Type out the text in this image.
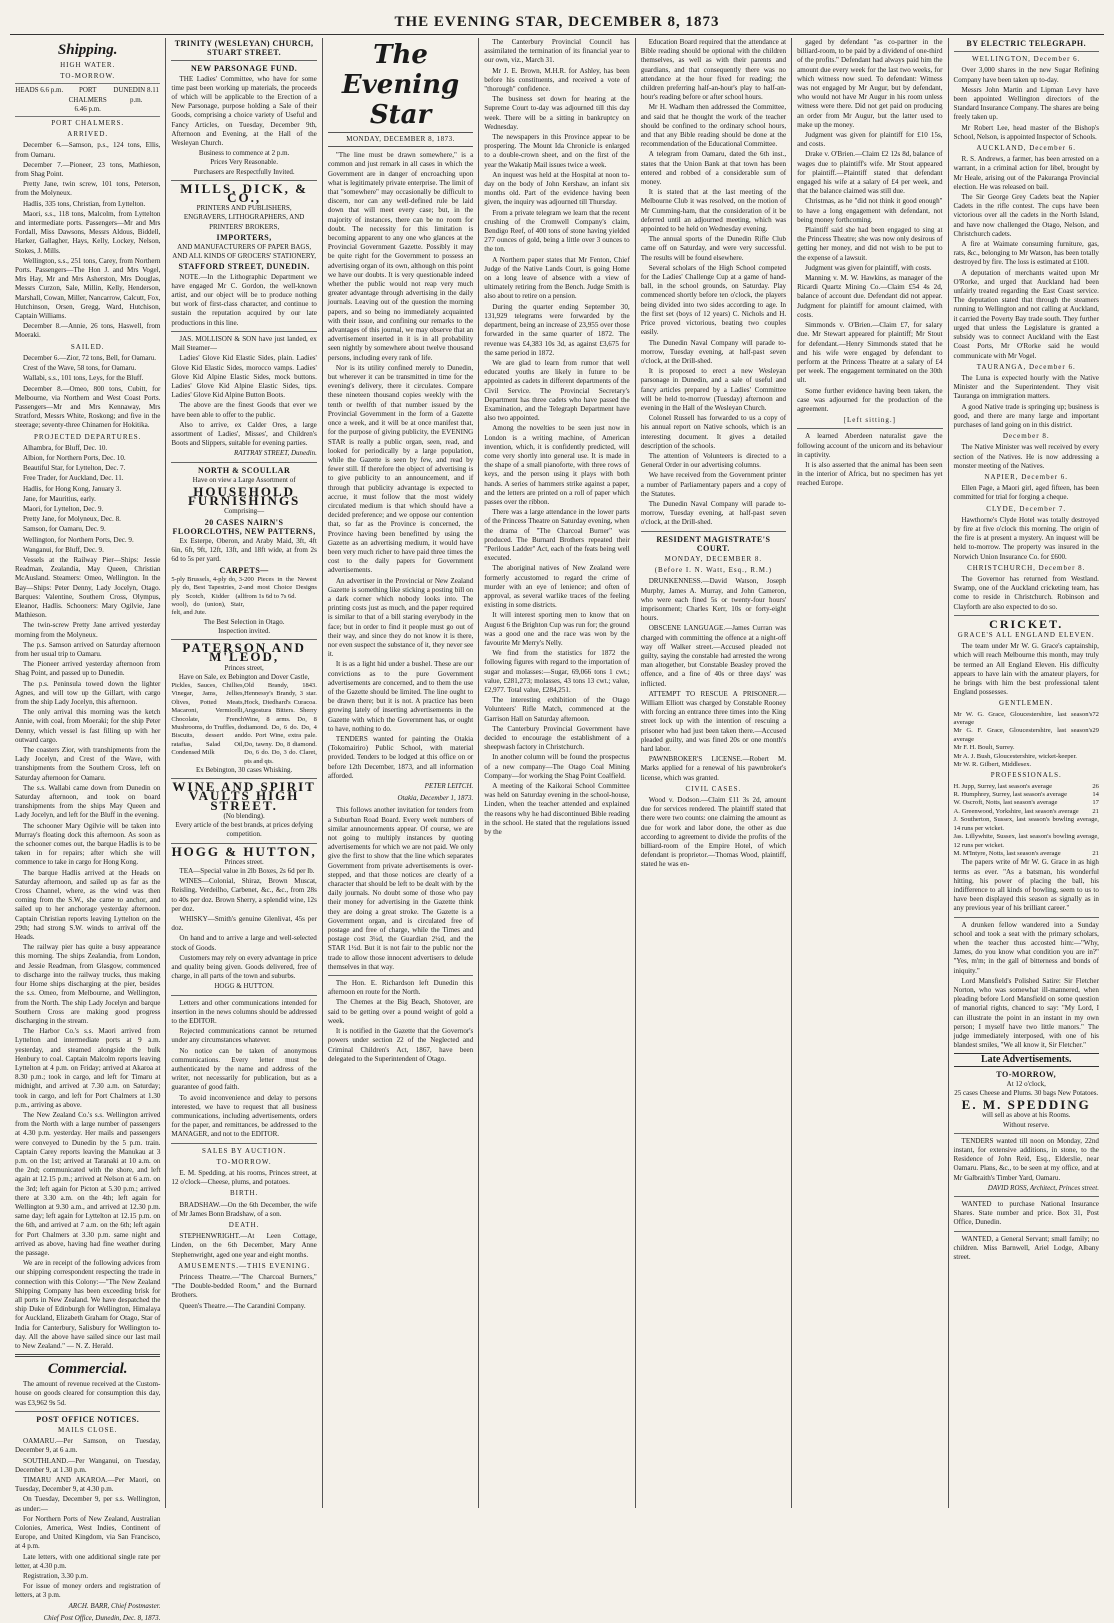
THE EVENING STAR, DECEMBER 8, 1873
Shipping.
HIGH WATER.
TO-MORROW.
HEADS 6.6 p.m.	PORT CHALMERS 6.46 p.m.
DUNEDIN 8.11 p.m.
PORT CHALMERS.
ARRIVED.

December 6.—Samson, p.s., 124 tons, Ellis, from Oamaru.

December 7.—Pioneer, 23 tons, Mathieson, from Shag Point.

Pretty Jane, twin screw, 101 tons, Peterson, from the Molyneux.

Hadlis, 335 tons, Christian, from Lyttelton.

Maori, s.s., 118 tons, Malcolm, from Lyttelton and intermediate ports. Passengers—Mr and Mrs Fordall, Miss Dawsons, Messrs Aldous, Biddell, Harker, Gallagher, Hays, Kelly, Lockey, Nelson, Stokes, J. Mills.

Wellington, s.s., 251 tons, Carey, from Northern Ports. Passengers—The Hon J. and Mrs Vogel, Mrs Hay, Mr and Mrs Asherston, Mrs Douglas, Messrs Curzon, Sale, Millin, Kelly, Henderson, Marshall, Cowan, Miller, Nancarrow, Calcutt, Fox, Hutchinson, Orsen, Gregg, Ward, Hutchison, Captain Williams.

December 8.—Annie, 26 tons, Haswell, from Moeraki.

SAILED.

December 6.—Zior, 72 tons, Bell, for Oamaru.

Crest of the Wave, 58 tons, for Oamaru.

Wallabi, s.s., 101 tons, Leys, for the Bluff.

December 8.—Omeo, 800 tons, Cubitt, for Melbourne, via Northern and West Coast Ports. Passengers—Mr and Mrs Kennaway, Mrs Stratford, Messrs White, Roskong; and five in the steerage; seventy-three Chinamen for Hokitika.

PROJECTED DEPARTURES.

Alhambra, for Bluff, Dec. 10.

Albion, for Northern Ports, Dec. 10.

Beautiful Star, for Lyttelton, Dec. 7.

Free Trader, for Auckland, Dec. 11.

Hadlis, for Hong Kong, January 3.

Jane, for Mauritius, early.

Maori, for Lyttelton, Dec. 9.

Pretty Jane, for Molyneux, Dec. 8.

Samson, for Oamaru, Dec. 9.

Wellington, for Northern Ports, Dec. 9.

Wanganui, for Bluff, Dec. 9.

Vessels at the Railway Pier—Ships: Jessie Readman, Zealandia, May Queen, Christian McAusland. Steamers: Omeo, Wellington. In the Bay—Ships: Peter Denny, Lady Jocelyn, Otago. Barques: Valentine, Southern Cross, Olympus, Eleanor, Hadlis. Schooners: Mary Ogilvie, Jane Mathieson.

The twin-screw Pretty Jane arrived yesterday morning from the Molyneux.

The p.s. Samson arrived on Saturday afternoon from her usual trip to Oamaru.

The Pioneer arrived yesterday afternoon from Shag Point, and passed up to Dunedin.

The p.s. Peninsula towed down the lighter Agnes, and will tow up the Gillart, with cargo from the ship Lady Jocelyn, this afternoon.

The only arrival this morning was the ketch Annie, with coal, from Moeraki; for the ship Peter Denny, which vessel is fast filling up with her outward cargo.

The coasters Zior, with transhipments from the Lady Jocelyn, and Crest of the Wave, with transhipments from the Southern Cross, left on Saturday afternoon for Oamaru.

The s.s. Wallabi came down from Dunedin on Saturday afternoon, and took on board transhipments from the ships May Queen and Lady Jocelyn, and left for the Bluff in the evening.

The schooner Mary Ogilvie will be taken into Murray's floating dock this afternoon. As soon as the schooner comes out, the barque Hadlis is to be taken in for repairs; after which she will commence to take in cargo for Hong Kong.

The barque Hadlis arrived at the Heads on Saturday afternoon, and sailed up as far as the Cross Channel, where, as the wind was then coming from the S.W., she came to anchor, and sailed up to her anchorage yesterday afternoon. Captain Christian reports leaving Lyttelton on the 29th; had strong S.W. winds to arrival off the Heads.

The railway pier has quite a busy appearance this morning. The ships Zealandia, from London, and Jessie Readman, from Glasgow, commenced to discharge into the railway trucks, thus making four Home ships discharging at the pier, besides the s.s. Omeo, from Melbourne, and Wellington, from the North. The ship Lady Jocelyn and barque Southern Cross are making good progress discharging in the stream.

The Harbor Co.'s s.s. Maori arrived from Lyttelton and intermediate ports at 9 a.m. yesterday, and steamed alongside the bulk Henbury to coal. Captain Malcolm reports leaving Lyttelton at 4 p.m. on Friday; arrived at Akaroa at 8.30 p.m.; took in cargo, and left for Timaru at midnight, and arrived at 7.30 a.m. on Saturday; took in cargo, and left for Port Chalmers at 1.30 p.m., arriving as above.

The New Zealand Co.'s s.s. Wellington arrived from the North with a large number of passengers at 4.30 p.m. yesterday. Her mails and passengers were conveyed to Dunedin by the 5 p.m. train. Captain Carey reports leaving the Manukau at 3 p.m. on the 1st; arrived at Taranaki at 10 a.m. on the 2nd; communicated with the shore, and left again at 12.15 p.m.; arrived at Nelson at 6 a.m. on the 3rd; left again for Picton at 5.30 p.m.; arrived there at 3.30 a.m. on the 4th; left again for Wellington at 9.30 a.m., and arrived at 12.30 p.m. same day; left again for Lyttelton at 12.15 p.m. on the 6th, and arrived at 7 a.m. on the 6th; left again for Port Chalmers at 3.30 p.m. same night and arrived as above, having had fine weather during the passage.

We are in receipt of the following advices from our shipping correspondent respecting the trade in connection with this Colony:—"The New Zealand Shipping Company has been exceeding brisk for all ports in New Zealand. We have despatched the ship Duke of Edinburgh for Wellington, Himalaya for Auckland, Elizabeth Graham for Otago, Star of India for Canterbury, Salisbury for Wellington to-day. All the above have sailed since our last mail to New Zealand." — N. Z. Herald.

Commercial.

The amount of revenue received at the Custom-house on goods cleared for consumption this day, was £3,962 9s 5d.

POST OFFICE NOTICES.
MAILS CLOSE.

OAMARU.—Per Samson, on Tuesday, December 9, at 6 a.m.

SOUTHLAND.—Per Wanganui, on Tuesday, December 9, at 1.30 p.m.

TIMARU AND AKAROA.—Per Maori, on Tuesday, December 9, at 4.30 p.m.

On Tuesday, December 9, per s.s. Wellington, as under:—

For Northern Ports of New Zealand, Australian Colonies, America, West Indies, Continent of Europe, and United Kingdom, via San Francisco, at 4 p.m.

Late letters, with one additional single rate per letter, at 4.30 p.m.

Registration, 3.30 p.m.

For issue of money orders and registration of letters, at 3 p.m.

ARCH. BARR, Chief Postmaster.
Chief Post Office, Dunedin, Dec. 8, 1873.
TRINITY (WESLEYAN) CHURCH, STUART STREET.
NEW PARSONAGE FUND.

THE Ladies' Committee, who have for some time past been working up materials, the proceeds of which will be applicable to the Erection of a New Parsonage, purpose holding a Sale of their Goods, comprising a choice variety of Useful and Fancy Articles, on Tuesday, December 9th, Afternoon and Evening, at the Hall of the Wesleyan Church.

Business to commence at 2 p.m.
Prices Very Reasonable.
Purchasers are Respectfully Invited.
MILLS, DICK, & CO.,
PRINTERS AND PUBLISHERS,
ENGRAVERS, LITHOGRAPHERS, AND PRINTERS' BROKERS,
IMPORTERS,
AND MANUFACTURERS OF PAPER BAGS, AND ALL KINDS OF GROCERS' STATIONERY,
STAFFORD STREET, DUNEDIN.

NOTE.—In the Lithographic Department we have engaged Mr C. Gordon, the well-known artist, and our object will be to produce nothing but work of first-class character, and continue to sustain the reputation acquired by our late productions in this line.

JAS. MOLLISON & SON have just landed, ex Mail Steamer—

Ladies' Glove Kid Elastic Sides, plain. Ladies' Glove Kid Elastic Sides, morocco vamps. Ladies' Glove Kid Alpine Elastic Sides, mock buttons. Ladies' Glove Kid Alpine Elastic Sides, tips. Ladies' Glove Kid Alpine Button Boots.

The above are the finest Goods that ever we have been able to offer to the public.

Also to arrive, ex Calder Ores, a large assortment of Ladies', Misses', and Children's Boots and Slippers, suitable for evening parties.

RATTRAY STREET, Dunedin.
NORTH & SCOULLAR
Have on view a Large Assortment of
HOUSEHOLD FURNISHINGS
Comprising—
20 CASES NAIRN'S FLOORCLOTHS, NEW PATTERNS,

Ex Esterpe, Oberon, and Araby Maid, 3ft, 4ft 6in, 6ft, 9ft, 12ft, 13ft, and 18ft wide, at from 2s 6d to 5s per yard.

CARPETS—
5-ply Brussels, 4-ply do, 3-ply do, Best Tapestries, 2-ply Scotch, Kidder (all wool), do (union), Stair, felt, and Jute.
200 Pieces in the Newest and most Choice Designs from 1s 6d to 7s 6d.
The Best Selection in Otago.
Inspection invited.
PATERSON AND M'LEOD,
Princes street,
Have on Sale, ex Bebington and Dover Castle,
Pickles, Sauces, Chillies, Vinegar, Jams, Jellies, Olives, Potted Meats, Macaroni, Vermicelli, Chocolate, French Mushrooms, do Truffles, do Biscuits, dessert and ratafias, Salad Oil, Condensed Milk
Old Brandy, 1843. Hennessy's Brandy, 3 star. Hock, Diedhard's Curacoa. Angostura Bitters. Sherry Wine, 8 arms. Do, 8 diamond. Do, 6 do. Do, 4 do. Port Wine, extra pale. Do, tawny. Do, 8 diamond. Do, 6 do. Do, 3 do. Claret, pts and qts.
Ex Bebington, 30 cases Whisking.
WINE AND SPIRIT VAULTS HIGH STREET.
(No blending).
Every article of the best brands, at prices defying competition.
HOGG & HUTTON,
Princes street.

TEA—Special value in 2lb Boxes, 2s 6d per lb.

WINES—Colonial, Shiraz, Brown Muscat, Reisling, Verdeilho, Carbenet, &c., &c., from 28s to 40s per doz. Brown Sherry, a splendid wine, 12s per doz.

WHISKY—Smith's genuine Glenlivat, 45s per doz.

On hand and to arrive a large and well-selected stock of Goods.

Customers may rely on every advantage in price and quality being given. Goods delivered, free of charge, in all parts of the town and suburbs.

HOGG & HUTTON.

Letters and other communications intended for insertion in the news columns should be addressed to the EDITOR.

Rejected communications cannot be returned under any circumstances whatever.

No notice can be taken of anonymous communications. Every letter must be authenticated by the name and address of the writer, not necessarily for publication, but as a guarantee of good faith.

To avoid inconvenience and delay to persons interested, we have to request that all business communications, including advertisements, orders for the paper, and remittances, be addressed to the MANAGER, and not to the EDITOR.

SALES BY AUCTION.
TO-MORROW.

E. M. Spedding, at his rooms, Princes street, at 12 o'clock—Cheese, plums, and potatoes.

BIRTH.

BRADSHAW.—On the 6th December, the wife of Mr James Bonn Bradshaw, of a son.

DEATH.

STEPHENWRIGHT.—At Leen Cottage, Linden, on the 6th December, Mary Anne Stephenwright, aged one year and eight months.

AMUSEMENTS.—THIS EVENING.

Princess Theatre.—"The Charcoal Burners," "The Double-bedded Room," and the Burnard Brothers.

Queen's Theatre.—The Carandini Company.

The Evening Star
MONDAY, DECEMBER 8, 1873.

"The line must be drawn somewhere," is a common and just remark in all cases in which the Government are in danger of encroaching upon what is legitimately private enterprise. The limit of that "somewhere" may occasionally be difficult to discern, nor can any well-defined rule be laid down that will meet every case; but, in the majority of instances, there can be no room for doubt. The necessity for this limitation is becoming apparent to any one who glances at the Provincial Government Gazette. Possibly it may be quite right for the Government to possess an advertising organ of its own, although on this point we have our doubts. It is very questionable indeed whether the public would not reap very much greater advantage through advertising in the daily journals. Leaving out of the question the morning papers, and so being no immediately acquainted with their issue, and confining our remarks to the advantages of this journal, we may observe that an advertisement inserted in it is in all probability seen nightly by somewhere about twelve thousand persons, including every rank of life.

Nor is its utility confined merely to Dunedin, but wherever it can be transmitted in time for the evening's delivery, there it circulates. Compare these nineteen thousand copies weekly with the tenth or twelfth of that number issued by the Provincial Government in the form of a Gazette once a week, and it will be at once manifest that, for the purpose of giving publicity, the EVENING STAR is really a public organ, seen, read, and looked for periodically by a large population, while the Gazette is seen by few, and read by fewer still. If therefore the object of advertising is to give publicity to an announcement, and if through that publicity advantage is expected to accrue, it must follow that the most widely circulated medium is that which should have a decided preference; and we oppose our contention that, so far as the Province is concerned, the Province having been benefitted by using the Gazette as an advertising medium, it would have been very much richer to have paid three times the cost to the daily papers for Government advertisements.

An advertiser in the Provincial or New Zealand Gazette is something like sticking a posting bill on a dark corner which nobody looks into. The printing costs just as much, and the paper required is similar to that of a bill staring everybody in the face; but in order to find it people must go out of their way, and since they do not know it is there, nor even suspect the substance of it, they never see it.

It is as a light hid under a bushel. These are our convictions as to the pure Government advertisements are concerned, and to them the use of the Gazette should be limited. The line ought to be drawn there; but it is not. A practice has been growing lately of inserting advertisements in the Gazette with which the Government has, or ought to have, nothing to do.

TENDERS wanted for painting the Otakia (Tokomairiro) Public School, with material provided. Tenders to be lodged at this office on or before 12th December, 1873, and all information afforded.

PETER LEITCH.
Otakia, December 1, 1873.

This follows another invitation for tenders from a Suburban Road Board. Every week numbers of similar announcements appear. Of course, we are not going to multiply instances by quoting advertisements for which we are not paid. We only give the first to show that the line which separates Government from private advertisements is over-stepped, and that those notices are clearly of a character that should be left to be dealt with by the daily journals. No doubt some of those who pay their money for advertising in the Gazette think they are doing a great stroke. The Gazette is a Government organ, and is circulated free of postage and free of charge, while the Times and postage cost 3¼d, the Guardian 2¼d, and the STAR 1½d. But it is not fair to the public nor the trade to allow those innocent advertisers to delude themselves in that way.

The Hon. E. Richardson left Dunedin this afternoon en route for the North.

The Chemes at the Big Beach, Shotover, are said to be getting over a pound weight of gold a week.

It is notified in the Gazette that the Governor's powers under section 22 of the Neglected and Criminal Children's Act, 1867, have been delegated to the Superintendent of Otago.

The Canterbury Provincial Council has assimilated the termination of its financial year to our own, viz., March 31.

Mr J. E. Brown, M.H.R. for Ashley, has been before his constituents, and received a vote of "thorough" confidence.

The business set down for hearing at the Supreme Court to-day was adjourned till this day week. There will be a sitting in bankruptcy on Wednesday.

The newspapers in this Province appear to be prospering. The Mount Ida Chronicle is enlarged to a double-crown sheet, and on the first of the year the Wakatip Mail issues twice a week.

An inquest was held at the Hospital at noon to-day on the body of John Kershaw, an infant six months old. Part of the evidence having been given, the inquiry was adjourned till Thursday.

From a private telegram we learn that the recent crushing of the Cromwell Company's claim, Bendigo Reef, of 400 tons of stone having yielded 277 ounces of gold, being a little over 3 ounces to the ton.

A Northern paper states that Mr Fenton, Chief Judge of the Native Lands Court, is going Home on a long leave of absence with a view of ultimately retiring from the Bench. Judge Smith is also about to retire on a pension.

During the quarter ending September 30, 131,929 telegrams were forwarded by the department, being an increase of 23,955 over those forwarded in the same quarter of 1872. The revenue was £4,383 10s 3d, as against £3,675 for the same period in 1872.

We are glad to learn from rumor that well educated youths are likely in future to be appointed as cadets in different departments of the Civil Service. The Provincial Secretary's Department has three cadets who have passed the Examination, and the Telegraph Department have also two appointed.

Among the novelties to be seen just now in London is a writing machine, of American invention, which, it is confidently predicted, will come very shortly into general use. It is made in the shape of a small pianoforte, with three rows of keys, and the person using it plays with both hands. A series of hammers strike against a paper, and the letters are printed on a roll of paper which passes over the ribbon.

There was a large attendance in the lower parts of the Princess Theatre on Saturday evening, when the drama of "The Charcoal Burner" was produced. The Burnard Brothers repeated their "Perilous Ladder" Act, each of the feats being well executed.

The aboriginal natives of New Zealand were formerly accustomed to regard the crime of murder with an eye of lenience; and often of approval, as several warlike traces of the feeling existing in some districts.

It will interest sporting men to know that on August 6 the Brighton Cup was run for; the ground was a good one and the race was won by the favourite Mr Merry's Nelly.

We find from the statistics for 1872 the following figures with regard to the importation of sugar and molasses:—Sugar, 69,066 tons 1 cwt.; value, £281,273; molasses, 43 tons 13 cwt.; value, £2,977. Total value, £284,251.

The interesting exhibition of the Otago Volunteers' Rifle Match, commenced at the Garrison Hall on Saturday afternoon.

The Canterbury Provincial Government have decided to encourage the establishment of a sheepwash factory in Christchurch.

In another column will be found the prospectus of a new company—The Otago Coal Mining Company—for working the Shag Point Coalfield.

A meeting of the Kaikorai School Committee was held on Saturday evening in the school-house, Linden, when the teacher attended and explained the reasons why he had discontinued Bible reading in the school. He stated that the regulations issued by the

Education Board required that the attendance at Bible reading should be optional with the children themselves, as well as with their parents and guardians, and that consequently there was no attendance at the hour fixed for reading; the children preferring half-an-hour's play to half-an-hour's reading before or after school hours.

Mr H. Wadham then addressed the Committee, and said that he thought the work of the teacher should be confined to the ordinary school hours, and that any Bible reading should be done at the recommendation of the Educational Committee.

A telegram from Oamaru, dated the 6th inst., states that the Union Bank at that town has been entered and robbed of a considerable sum of money.

It is stated that at the last meeting of the Melbourne Club it was resolved, on the motion of Mr Cumming-ham, that the consideration of it be deferred until an adjourned meeting, which was appointed to be held on Wednesday evening.

The annual sports of the Dunedin Rifle Club came off on Saturday, and were very successful. The results will be found elsewhere.

Several scholars of the High School competed for the Ladies' Challenge Cup at a game of hand-ball, in the school grounds, on Saturday. Play commenced shortly before ten o'clock, the players being divided into two sides according to age. In the first set (boys of 12 years) C. Nichols and H. Price proved victorious, beating two couples easily.

The Dunedin Naval Company will parade to-morrow, Tuesday evening, at half-past seven o'clock, at the Drill-shed.

It is proposed to erect a new Wesleyan parsonage in Dunedin, and a sale of useful and fancy articles prepared by a Ladies' Committee will be held to-morrow (Tuesday) afternoon and evening in the Hall of the Wesleyan Church.

Colonel Russell has forwarded to us a copy of his annual report on Native schools, which is an interesting document. It gives a detailed description of the schools.

The attention of Volunteers is directed to a General Order in our advertising columns.

We have received from the Government printer a number of Parliamentary papers and a copy of the Statutes.

The Dunedin Naval Company will parade to-morrow, Tuesday evening, at half-past seven o'clock, at the Drill-shed.

RESIDENT MAGISTRATE'S COURT.
MONDAY, DECEMBER 8.
(Before I. N. Watt, Esq., R.M.)

DRUNKENNESS.—David Watson, Joseph Murphy, James A. Murray, and John Cameron, who were each fined 5s or twenty-four hours' imprisonment; Charles Kerr, 10s or forty-eight hours.

OBSCENE LANGUAGE.—James Curran was charged with committing the offence at a night-off way off Walker street.—Accused pleaded not guilty, saying the constable had arrested the wrong man altogether, but Constable Beasley proved the offence, and a fine of 40s or three days' was inflicted.

ATTEMPT TO RESCUE A PRISONER.—William Elliott was charged by Constable Rooney with forcing an entrance three times into the King street lock up with the intention of rescuing a prisoner who had just been taken there.—Accused pleaded guilty, and was fined 20s or one month's hard labor.

PAWNBROKER'S LICENSE.—Robert M. Marks applied for a renewal of his pawnbroker's license, which was granted.

CIVIL CASES.

Wood v. Dodson.—Claim £11 3s 2d, amount due for services rendered. The plaintiff stated that there were two counts: one claiming the amount as due for work and labor done, the other as due according to agreement to divide the profits of the billiard-room of the Empire Hotel, of which defendant is proprietor.—Thomas Wood, plaintiff, stated he was en-

gaged by defendant "as co-partner in the billiard-room, to be paid by a dividend of one-third of the profits." Defendant had always paid him the amount due every week for the last two weeks, for which witness now sued. To defendant: Witness was not engaged by Mr Augur, but by defendant, who would not have Mr Augur in his room unless witness were there. Did not get paid on producing an order from Mr Augur, but the latter used to make up the money.

Judgment was given for plaintiff for £10 15s, and costs.

Drake v. O'Brien.—Claim £2 12s 8d, balance of wages due to plaintiff's wife. Mr Stout appeared for plaintiff.—Plaintiff stated that defendant engaged his wife at a salary of £4 per week, and that the balance claimed was still due.

Christmas, as he "did not think it good enough" to have a long engagement with defendant, not being money forthcoming.

Plaintiff said she had been engaged to sing at the Princess Theatre; she was now only desirous of getting her money, and did not wish to be put to the expense of a lawsuit.

Judgment was given for plaintiff, with costs.

Manning v. M. W. Hawkins, as manager of the Ricardi Quartz Mining Co.—Claim £54 4s 2d, balance of account due. Defendant did not appear. Judgment for plaintiff for amount claimed, with costs.

Simmonds v. O'Brien.—Claim £7, for salary due. Mr Stewart appeared for plaintiff; Mr Stout for defendant.—Henry Simmonds stated that he and his wife were engaged by defendant to perform at the Princess Theatre at a salary of £4 per week. The engagement terminated on the 30th ult.

Some further evidence having been taken, the case was adjourned for the production of the agreement.

[Left sitting.]

A learned Aberdeen naturalist gave the following account of the unicorn and its behaviour in captivity.

It is also asserted that the animal has been seen in the interior of Africa, but no specimen has yet reached Europe.

BY ELECTRIC TELEGRAPH.
WELLINGTON, December 6.

Over 3,000 shares in the new Sugar Refining Company have been taken up to-day.

Messrs John Martin and Lipman Levy have been appointed Wellington directors of the Standard Insurance Company. The shares are being freely taken up.

Mr Robert Lee, head master of the Bishop's School, Nelson, is appointed Inspector of Schools.

AUCKLAND, December 6.

R. S. Andrews, a farmer, has been arrested on a warrant, in a criminal action for libel, brought by Mr Heale, arising out of the Pakuranga Provincial election. He was released on bail.

The Sir George Grey Cadets beat the Napier Cadets in the rifle contest. The cups have been victorious over all the cadets in the North Island, and have now challenged the Otago, Nelson, and Christchurch cadets.

A fire at Waimate consuming furniture, gas, rats, &c., belonging to Mr Watson, has been totally destroyed by fire. The loss is estimated at £100.

A deputation of merchants waited upon Mr O'Rorke, and urged that Auckland had been unfairly treated regarding the East Coast service. The deputation stated that through the steamers running to Wellington and not calling at Auckland, it carried the Poverty Bay trade south. They further urged that unless the Legislature is granted a subsidy was to connect Auckland with the East Coast Ports, Mr O'Rorke said he would communicate with Mr Vogel.

TAURANGA, December 6.

The Luna is expected hourly with the Native Minister and the Superintendent. They visit Tauranga on immigration matters.

A good Native trade is springing up; business is good, and there are many large and important purchases of land going on in this district.

December 8.

The Native Minister was well received by every section of the Natives. He is now addressing a monster meeting of the Natives.

NAPIER, December 6.

Ellen Page, a Maori girl, aged fifteen, has been committed for trial for forging a cheque.

CLYDE, December 7.

Hawthorne's Clyde Hotel was totally destroyed by fire at five o'clock this morning. The origin of the fire is at present a mystery. An inquest will be held to-morrow. The property was insured in the Norwich Union Insurance Co. for £600.

CHRISTCHURCH, December 8.

The Governor has returned from Westland. Swamp, one of the Auckland cricketing team, has come to reside in Christchurch. Robinson and Clayforth are also expected to do so.

CRICKET.
GRACE'S ALL ENGLAND ELEVEN.

The team under Mr W. G. Grace's captainship, which will reach Melbourne this month, may truly be termed an All England Eleven. His difficulty appears to have lain with the amateur players, for he brings with him the best professional talent England possesses.

GENTLEMEN.
Mr W. G. Grace, Gloucestershire, last season's average
72
Mr G. F. Grace, Gloucestershire, last season's average
29
Mr F. H. Boult, Surrey.
Mr A. J. Bush, Gloucestershire, wicket-keeper.
Mr W. R. Gilbert, Middlesex.
PROFESSIONALS.
H. Jupp, Surrey, last season's average	26
R. Humphrey, Surrey, last season's average	14
W. Oscroft, Notts, last season's average	17
A. Greenwood, Yorkshire, last season's average 21
J. Southerton, Sussex, last season's bowling average, 14 runs per wicket.
Jas. Lillywhite, Sussex, last season's bowling average, 12 runs per wicket.
M. M'Intyre, Notts, last season's average	21

The papers write of Mr W. G. Grace in as high terms as ever. "As a batsman, his wonderful hitting, his power of placing the ball, his indifference to all kinds of bowling, seem to us to have been displayed this season as signally as in any previous year of his brilliant career."

A drunken fellow wandered into a Sunday school and took a seat with the primary scholars, when the teacher thus accosted him:—"Why, James, do you know what condition you are in?" "Yes, m'm; in the gall of bitterness and bonds of iniquity."

Lord Mansfield's Polished Satire: Sir Fletcher Norton, who was somewhat ill-mannered, when pleading before Lord Mansfield on some question of manorial rights, chanced to say: "My Lord, I can illustrate the point in an instant in my own person; I myself have two little manors." The judge immediately interposed, with one of his blandest smiles, "We all know it, Sir Fletcher."

Late Advertisements.
TO-MORROW,
At 12 o'clock,
25 cases Cheese and Plums. 30 bags New Potatoes.
E. M. SPEDDING
will sell as above at his Rooms.
Without reserve.

TENDERS wanted till noon on Monday, 22nd instant, for extensive additions, in stone, to the Residence of John Reid, Esq., Elderslie, near Oamaru. Plans, &c., to be seen at my office, and at Mr Galbraith's Timber Yard, Oamaru.

DAVID ROSS, Architect, Princes street.

WANTED to purchase National Insurance Shares. State number and price. Box 31, Post Office, Dunedin.

WANTED, a General Servant; small family; no children. Miss Barnwell, Ariel Lodge, Albany street.
